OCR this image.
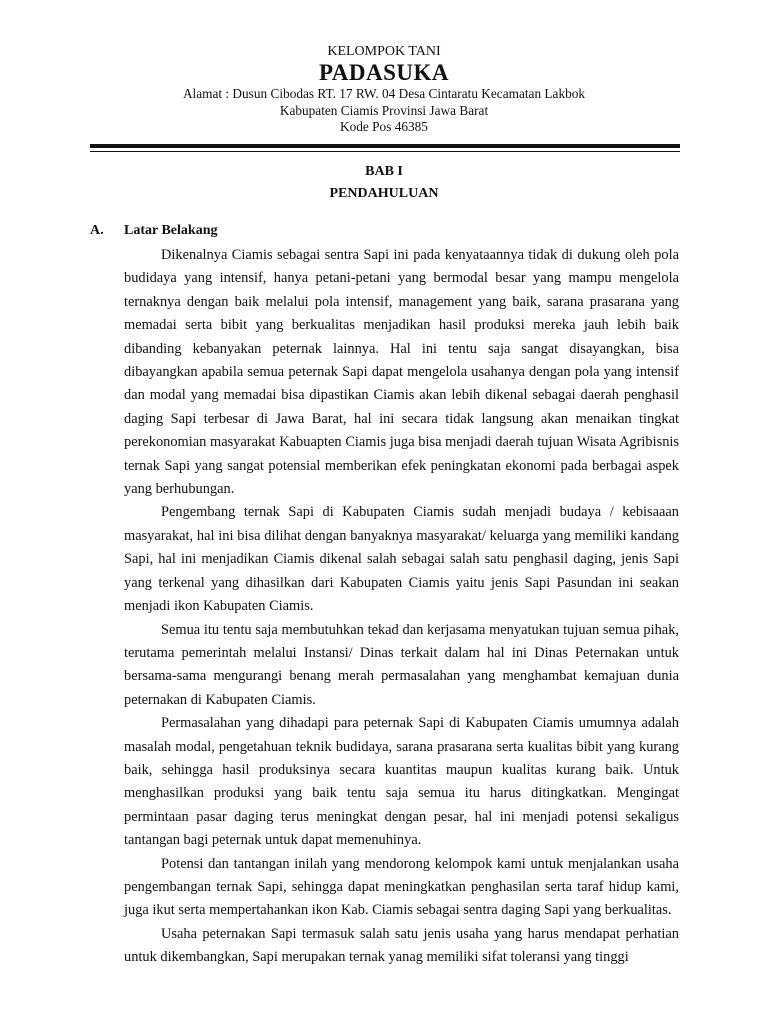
KELOMPOK TANI
PADASUKA
Alamat : Dusun Cibodas RT. 17 RW. 04 Desa Cintaratu Kecamatan Lakbok
Kabupaten Ciamis Provinsi Jawa Barat
Kode Pos 46385
BAB I
PENDAHULUAN
A. Latar Belakang

Dikenalnya Ciamis sebagai sentra Sapi ini pada kenyataannya tidak di dukung oleh pola budidaya yang intensif, hanya petani-petani yang bermodal besar yang mampu mengelola ternaknya dengan baik melalui pola intensif, management yang baik, sarana prasarana yang memadai serta bibit yang berkualitas menjadikan hasil produksi mereka jauh lebih baik dibanding kebanyakan peternak lainnya. Hal ini tentu saja sangat disayangkan, bisa dibayangkan apabila semua peternak Sapi dapat mengelola usahanya dengan pola yang intensif dan modal yang memadai bisa dipastikan Ciamis akan lebih dikenal sebagai daerah penghasil daging Sapi terbesar di Jawa Barat, hal ini secara tidak langsung akan menaikan tingkat perekonomian masyarakat Kabuapten Ciamis juga bisa menjadi daerah tujuan Wisata Agribisnis ternak Sapi yang sangat potensial memberikan efek peningkatan ekonomi pada berbagai aspek yang berhubungan.

Pengembang ternak Sapi di Kabupaten Ciamis sudah menjadi budaya / kebisaaan masyarakat, hal ini bisa dilihat dengan banyaknya masyarakat/ keluarga yang memiliki kandang Sapi, hal ini menjadikan Ciamis dikenal salah sebagai salah satu penghasil daging, jenis Sapi yang terkenal yang dihasilkan dari Kabupaten Ciamis yaitu jenis Sapi Pasundan ini seakan menjadi ikon Kabupaten Ciamis.

Semua itu tentu saja membutuhkan tekad dan kerjasama menyatukan tujuan semua pihak, terutama pemerintah melalui Instansi/ Dinas terkait dalam hal ini Dinas Peternakan untuk bersama-sama mengurangi benang merah permasalahan yang menghambat kemajuan dunia peternakan di Kabupaten Ciamis.

Permasalahan yang dihadapi para peternak Sapi di Kabupaten Ciamis umumnya adalah masalah modal, pengetahuan teknik budidaya, sarana prasarana serta kualitas bibit yang kurang baik, sehingga hasil produksinya secara kuantitas maupun kualitas kurang baik. Untuk menghasilkan produksi yang baik tentu saja semua itu harus ditingkatkan. Mengingat permintaan pasar daging terus meningkat dengan pesar, hal ini menjadi potensi sekaligus tantangan bagi peternak untuk dapat memenuhinya.

Potensi dan tantangan inilah yang mendorong kelompok kami untuk menjalankan usaha pengembangan ternak Sapi, sehingga dapat meningkatkan penghasilan serta taraf hidup kami, juga ikut serta mempertahankan ikon Kab. Ciamis sebagai sentra daging Sapi yang berkualitas.

Usaha peternakan Sapi termasuk salah satu jenis usaha yang harus mendapat perhatian untuk dikembangkan, Sapi merupakan ternak yanag memiliki sifat toleransi yang tinggi
